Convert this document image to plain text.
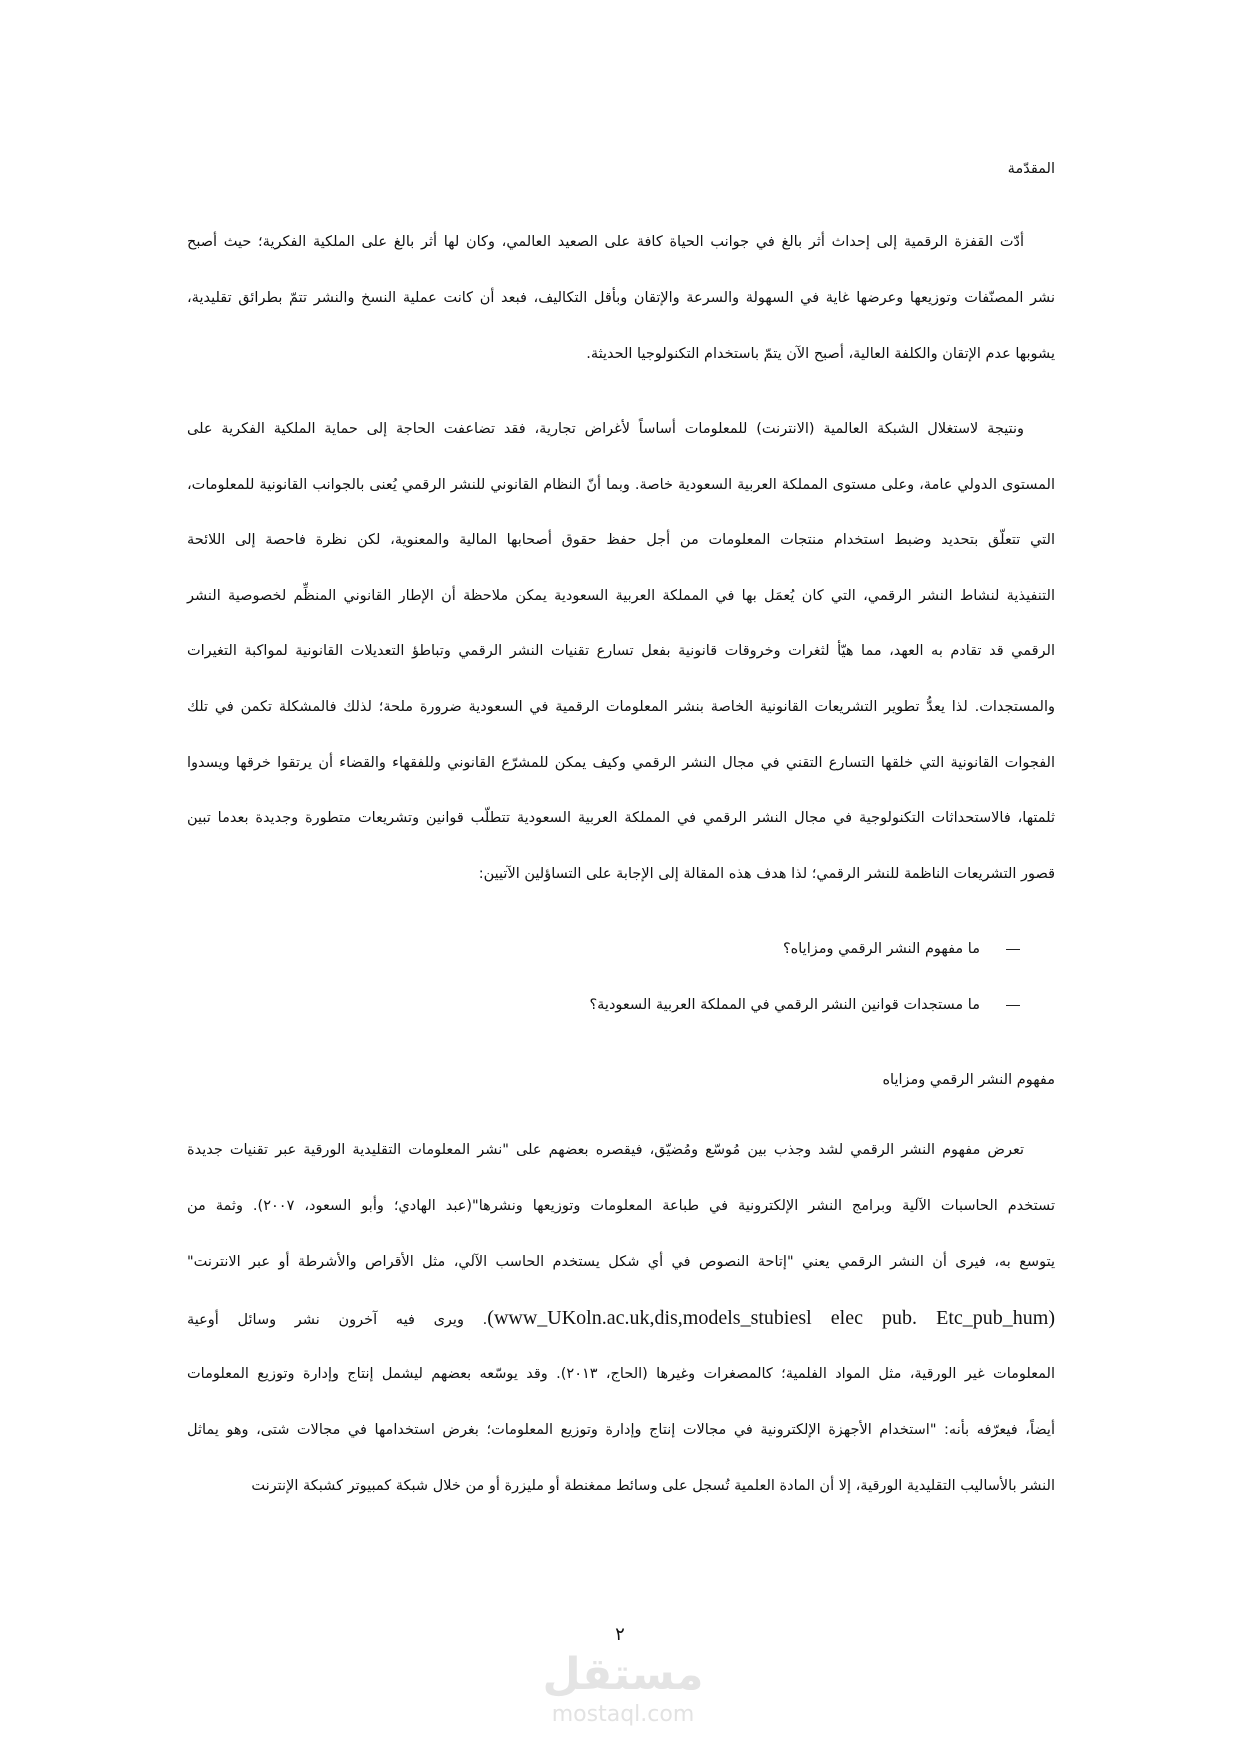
المقدّمة
أدّت القفزة الرقمية إلى إحداث أثر بالغ في جوانب الحياة كافة على الصعيد العالمي، وكان لها أثر بالغ على الملكية الفكرية؛ حيث أصبح
نشر المصنّفات وتوزيعها وعرضها غاية في السهولة والسرعة والإتقان وبأقل التكاليف، فبعد أن كانت عملية النسخ والنشر تتمّ بطرائق تقليدية،
يشوبها عدم الإتقان والكلفة العالية، أصبح الآن يتمّ باستخدام التكنولوجيا الحديثة.
ونتيجة لاستغلال الشبكة العالمية (الانترنت) للمعلومات أساساً لأغراض تجارية، فقد تضاعفت الحاجة إلى حماية الملكية الفكرية على
المستوى الدولي عامة، وعلى مستوى المملكة العربية السعودية خاصة. وبما أنّ النظام القانوني للنشر الرقمي يُعنى بالجوانب القانونية للمعلومات،
التي تتعلّق بتحديد وضبط استخدام منتجات المعلومات من أجل حفظ حقوق أصحابها المالية والمعنوية، لكن نظرة فاحصة إلى اللائحة
التنفيذية لنشاط النشر الرقمي، التي كان يُعمَل بها في المملكة العربية السعودية يمكن ملاحظة أن الإطار القانوني المنظِّم لخصوصية النشر
الرقمي قد تقادم به العهد، مما هيّأ لثغرات وخروقات قانونية بفعل تسارع تقنيات النشر الرقمي وتباطؤ التعديلات القانونية لمواكبة التغيرات
والمستجدات. لذا يعدُّ تطوير التشريعات القانونية الخاصة بنشر المعلومات الرقمية في السعودية ضرورة ملحة؛ لذلك فالمشكلة تكمن في تلك
الفجوات القانونية التي خلقها التسارع التقني في مجال النشر الرقمي وكيف يمكن للمشرّع القانوني وللفقهاء والقضاء أن يرتقوا خرقها ويسدوا
ثلمتها، فالاستحداثات التكنولوجية في مجال النشر الرقمي في المملكة العربية السعودية تتطلّب قوانين وتشريعات متطورة وجديدة بعدما تبين
قصور التشريعات الناظمة للنشر الرقمي؛ لذا هدف هذه المقالة إلى الإجابة على التساؤلين الآتيين:
ما مفهوم النشر الرقمي ومزاياه؟
ما مستجدات قوانين النشر الرقمي في المملكة العربية السعودية؟
مفهوم النشر الرقمي ومزاياه
تعرض مفهوم النشر الرقمي لشد وجذب بين مُوسّع ومُضيّق، فيقصره بعضهم على "نشر المعلومات التقليدية الورقية عبر تقنيات جديدة
تستخدم الحاسبات الآلية وبرامج النشر الإلكترونية في طباعة المعلومات وتوزيعها ونشرها"(عبد الهادي؛ وأبو السعود، ٢٠٠٧). وثمة من
يتوسع به، فيرى أن النشر الرقمي يعني "إتاحة النصوص في أي شكل يستخدم الحاسب الآلي، مثل الأقراص والأشرطة أو عبر الانترنت"
المعلومات غير الورقية، مثل المواد الفلمية؛ كالمصغرات وغيرها (الحاج، ٢٠١٣). وقد يوسّعه بعضهم ليشمل إنتاج وإدارة وتوزيع المعلومات
أيضاً، فيعرّفه بأنه: "استخدام الأجهزة الإلكترونية في مجالات إنتاج وإدارة وتوزيع المعلومات؛ بغرض استخدامها في مجالات شتى، وهو يماثل
النشر بالأساليب التقليدية الورقية، إلا أن المادة العلمية تُسجل على وسائط ممغنطة أو مليزرة أو من خلال شبكة كمبيوتر كشبكة الإنترنت
(www_UKoln.ac.uk,dis,models_stubiesl elec pub. Etc_pub_hum). ويرى فيه آخرون نشر وسائل أوعية
٢
مستقل
mostaql.com
